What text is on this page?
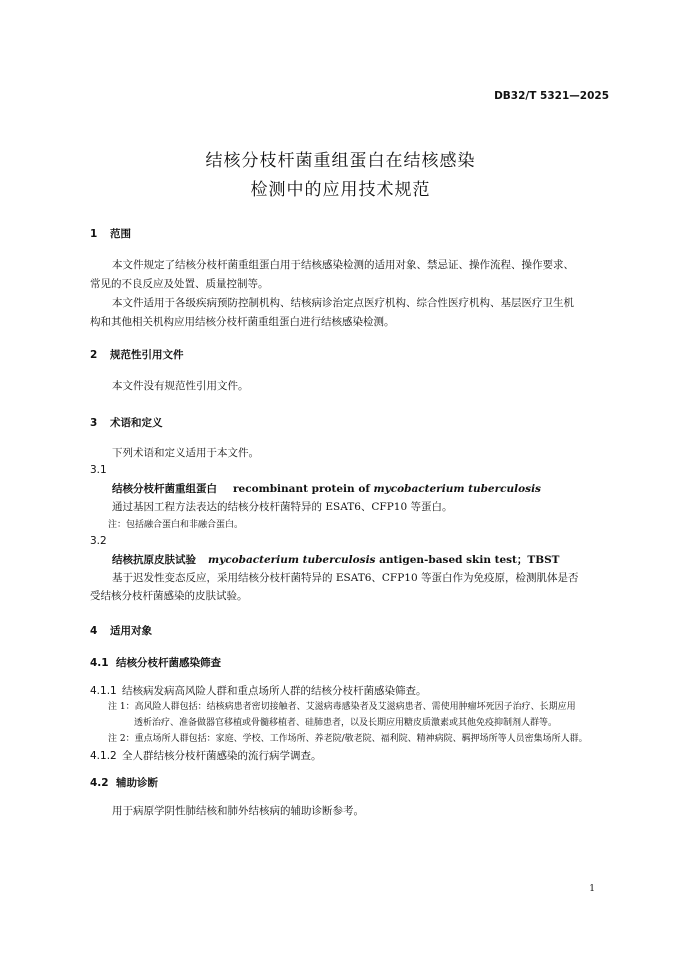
DB32/T 5321—2025
结核分枝杆菌重组蛋白在结核感染
检测中的应用技术规范
1 范围
本文件规定了结核分枝杆菌重组蛋白用于结核感染检测的适用对象、禁忌证、操作流程、操作要求、
常见的不良反应及处置、质量控制等。
本文件适用于各级疾病预防控制机构、结核病诊治定点医疗机构、综合性医疗机构、基层医疗卫生机
构和其他相关机构应用结核分枝杆菌重组蛋白进行结核感染检测。
2 规范性引用文件
本文件没有规范性引用文件。
3 术语和定义
下列术语和定义适用于本文件。
3.1
结核分枝杆菌重组蛋白 recombinant protein of mycobacterium tuberculosis
通过基因工程方法表达的结核分枝杆菌特异的 ESAT6、CFP10 等蛋白。
注：包括融合蛋白和非融合蛋白。
3.2
结核抗原皮肤试验 mycobacterium tuberculosis antigen-based skin test；TBST
基于迟发性变态反应，采用结核分枝杆菌特异的 ESAT6、CFP10 等蛋白作为免疫原，检测肌体是否
受结核分枝杆菌感染的皮肤试验。
4 适用对象
4.1 结核分枝杆菌感染筛查
4.1.1 结核病发病高风险人群和重点场所人群的结核分枝杆菌感染筛查。
注 1：高风险人群包括：结核病患者密切接触者、艾滋病毒感染者及艾滋病患者、需使用肿瘤坏死因子治疗、长期应用
透析治疗、准备做器官移植或骨髓移植者、硅肺患者，以及长期应用糖皮质激素或其他免疫抑制剂人群等。
注 2：重点场所人群包括：家庭、学校、工作场所、养老院/敬老院、福利院、精神病院、羁押场所等人员密集场所人群。
4.1.2 全人群结核分枝杆菌感染的流行病学调查。
4.2 辅助诊断
用于病原学阴性肺结核和肺外结核病的辅助诊断参考。
1
